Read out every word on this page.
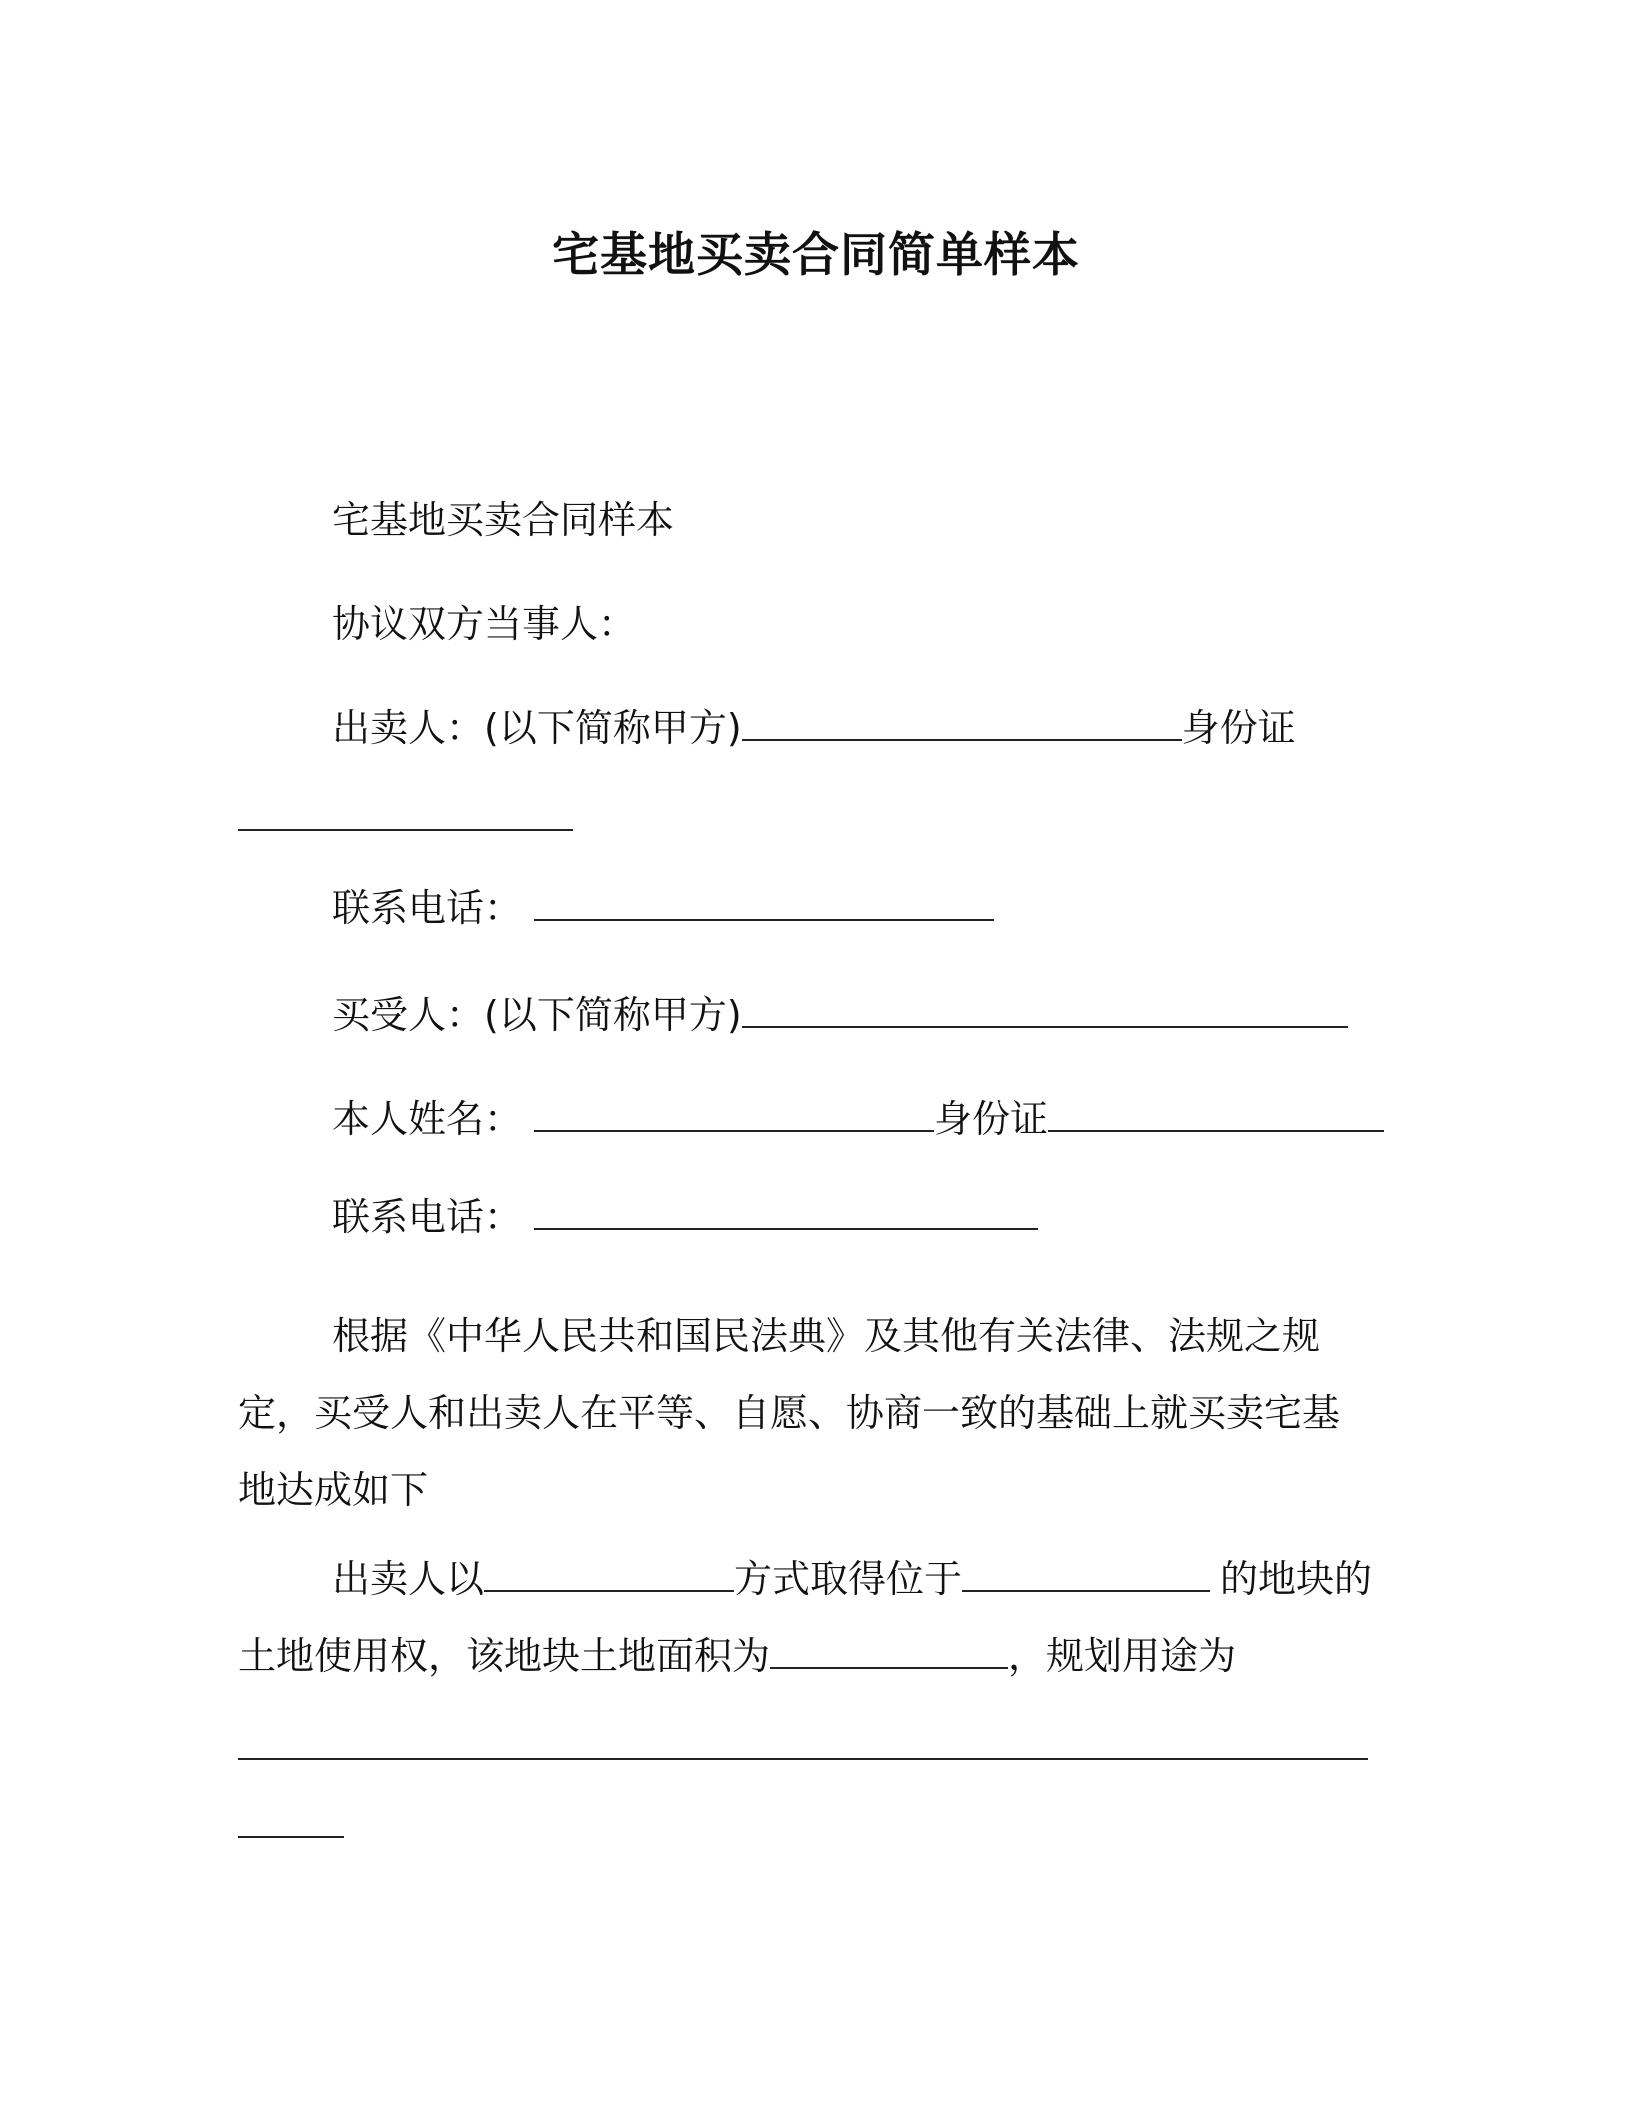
宅基地买卖合同简单样本

宅基地买卖合同样本

协议双方当事人：

出卖人：(以下简称甲方)	身份证

联系电话：

买受人：(以下简称甲方)

本人姓名：	身份证

联系电话：

根据《中华人民共和国民法典》及其他有关法律、法规之规定，买受人和出卖人在平等、自愿、协商一致的基础上就买卖宅基地达成如下

出卖人以	方式取得位于	的地块的

土地使用权，该地块土地面积为	，规划用途为
